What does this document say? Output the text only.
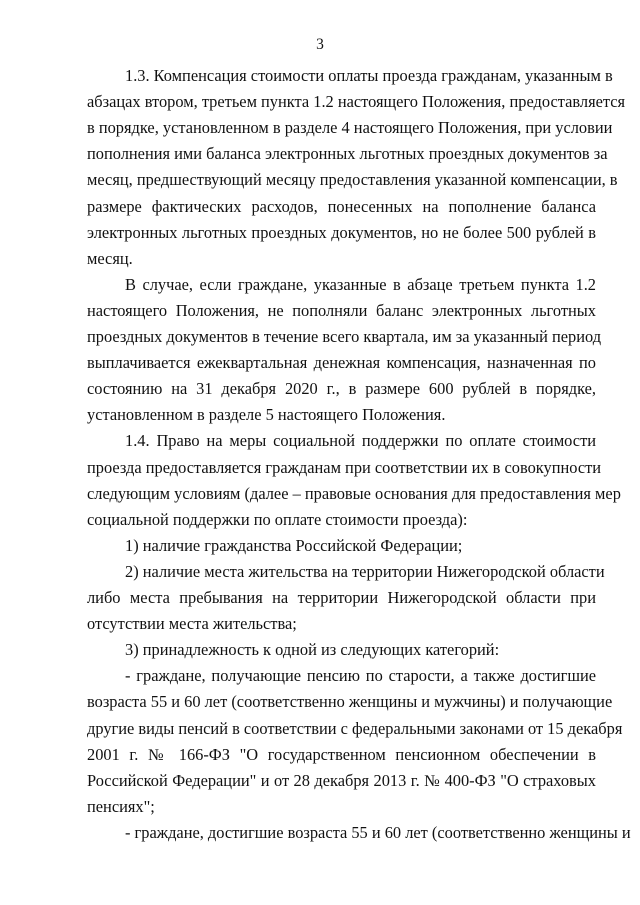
3
1.3. Компенсация стоимости оплаты проезда гражданам, указанным в
абзацах втором, третьем пункта 1.2 настоящего Положения, предоставляется
в порядке, установленном в разделе 4 настоящего Положения, при условии
пополнения ими баланса электронных льготных проездных документов за
месяц, предшествующий месяцу предоставления указанной компенсации, в
размере фактических расходов, понесенных на пополнение баланса
электронных льготных проездных документов, но не более 500 рублей в
месяц.
В случае, если граждане, указанные в абзаце третьем пункта 1.2
настоящего Положения, не пополняли баланс электронных льготных
проездных документов в течение всего квартала, им за указанный период
выплачивается ежеквартальная денежная компенсация, назначенная по
состоянию на 31 декабря 2020 г., в размере 600 рублей в порядке,
установленном в разделе 5 настоящего Положения.
1.4. Право на меры социальной поддержки по оплате стоимости
проезда предоставляется гражданам при соответствии их в совокупности
следующим условиям (далее – правовые основания для предоставления мер
социальной поддержки по оплате стоимости проезда):
1) наличие гражданства Российской Федерации;
2) наличие места жительства на территории Нижегородской области
либо места пребывания на территории Нижегородской области при
отсутствии места жительства;
3) принадлежность к одной из следующих категорий:
- граждане, получающие пенсию по старости, а также достигшие
возраста 55 и 60 лет (соответственно женщины и мужчины) и получающие
другие виды пенсий в соответствии с федеральными законами от 15 декабря
2001 г. № 166-ФЗ "О государственном пенсионном обеспечении в
Российской Федерации" и от 28 декабря 2013 г. № 400-ФЗ "О страховых
пенсиях";
- граждане, достигшие возраста 55 и 60 лет (соответственно женщины и
